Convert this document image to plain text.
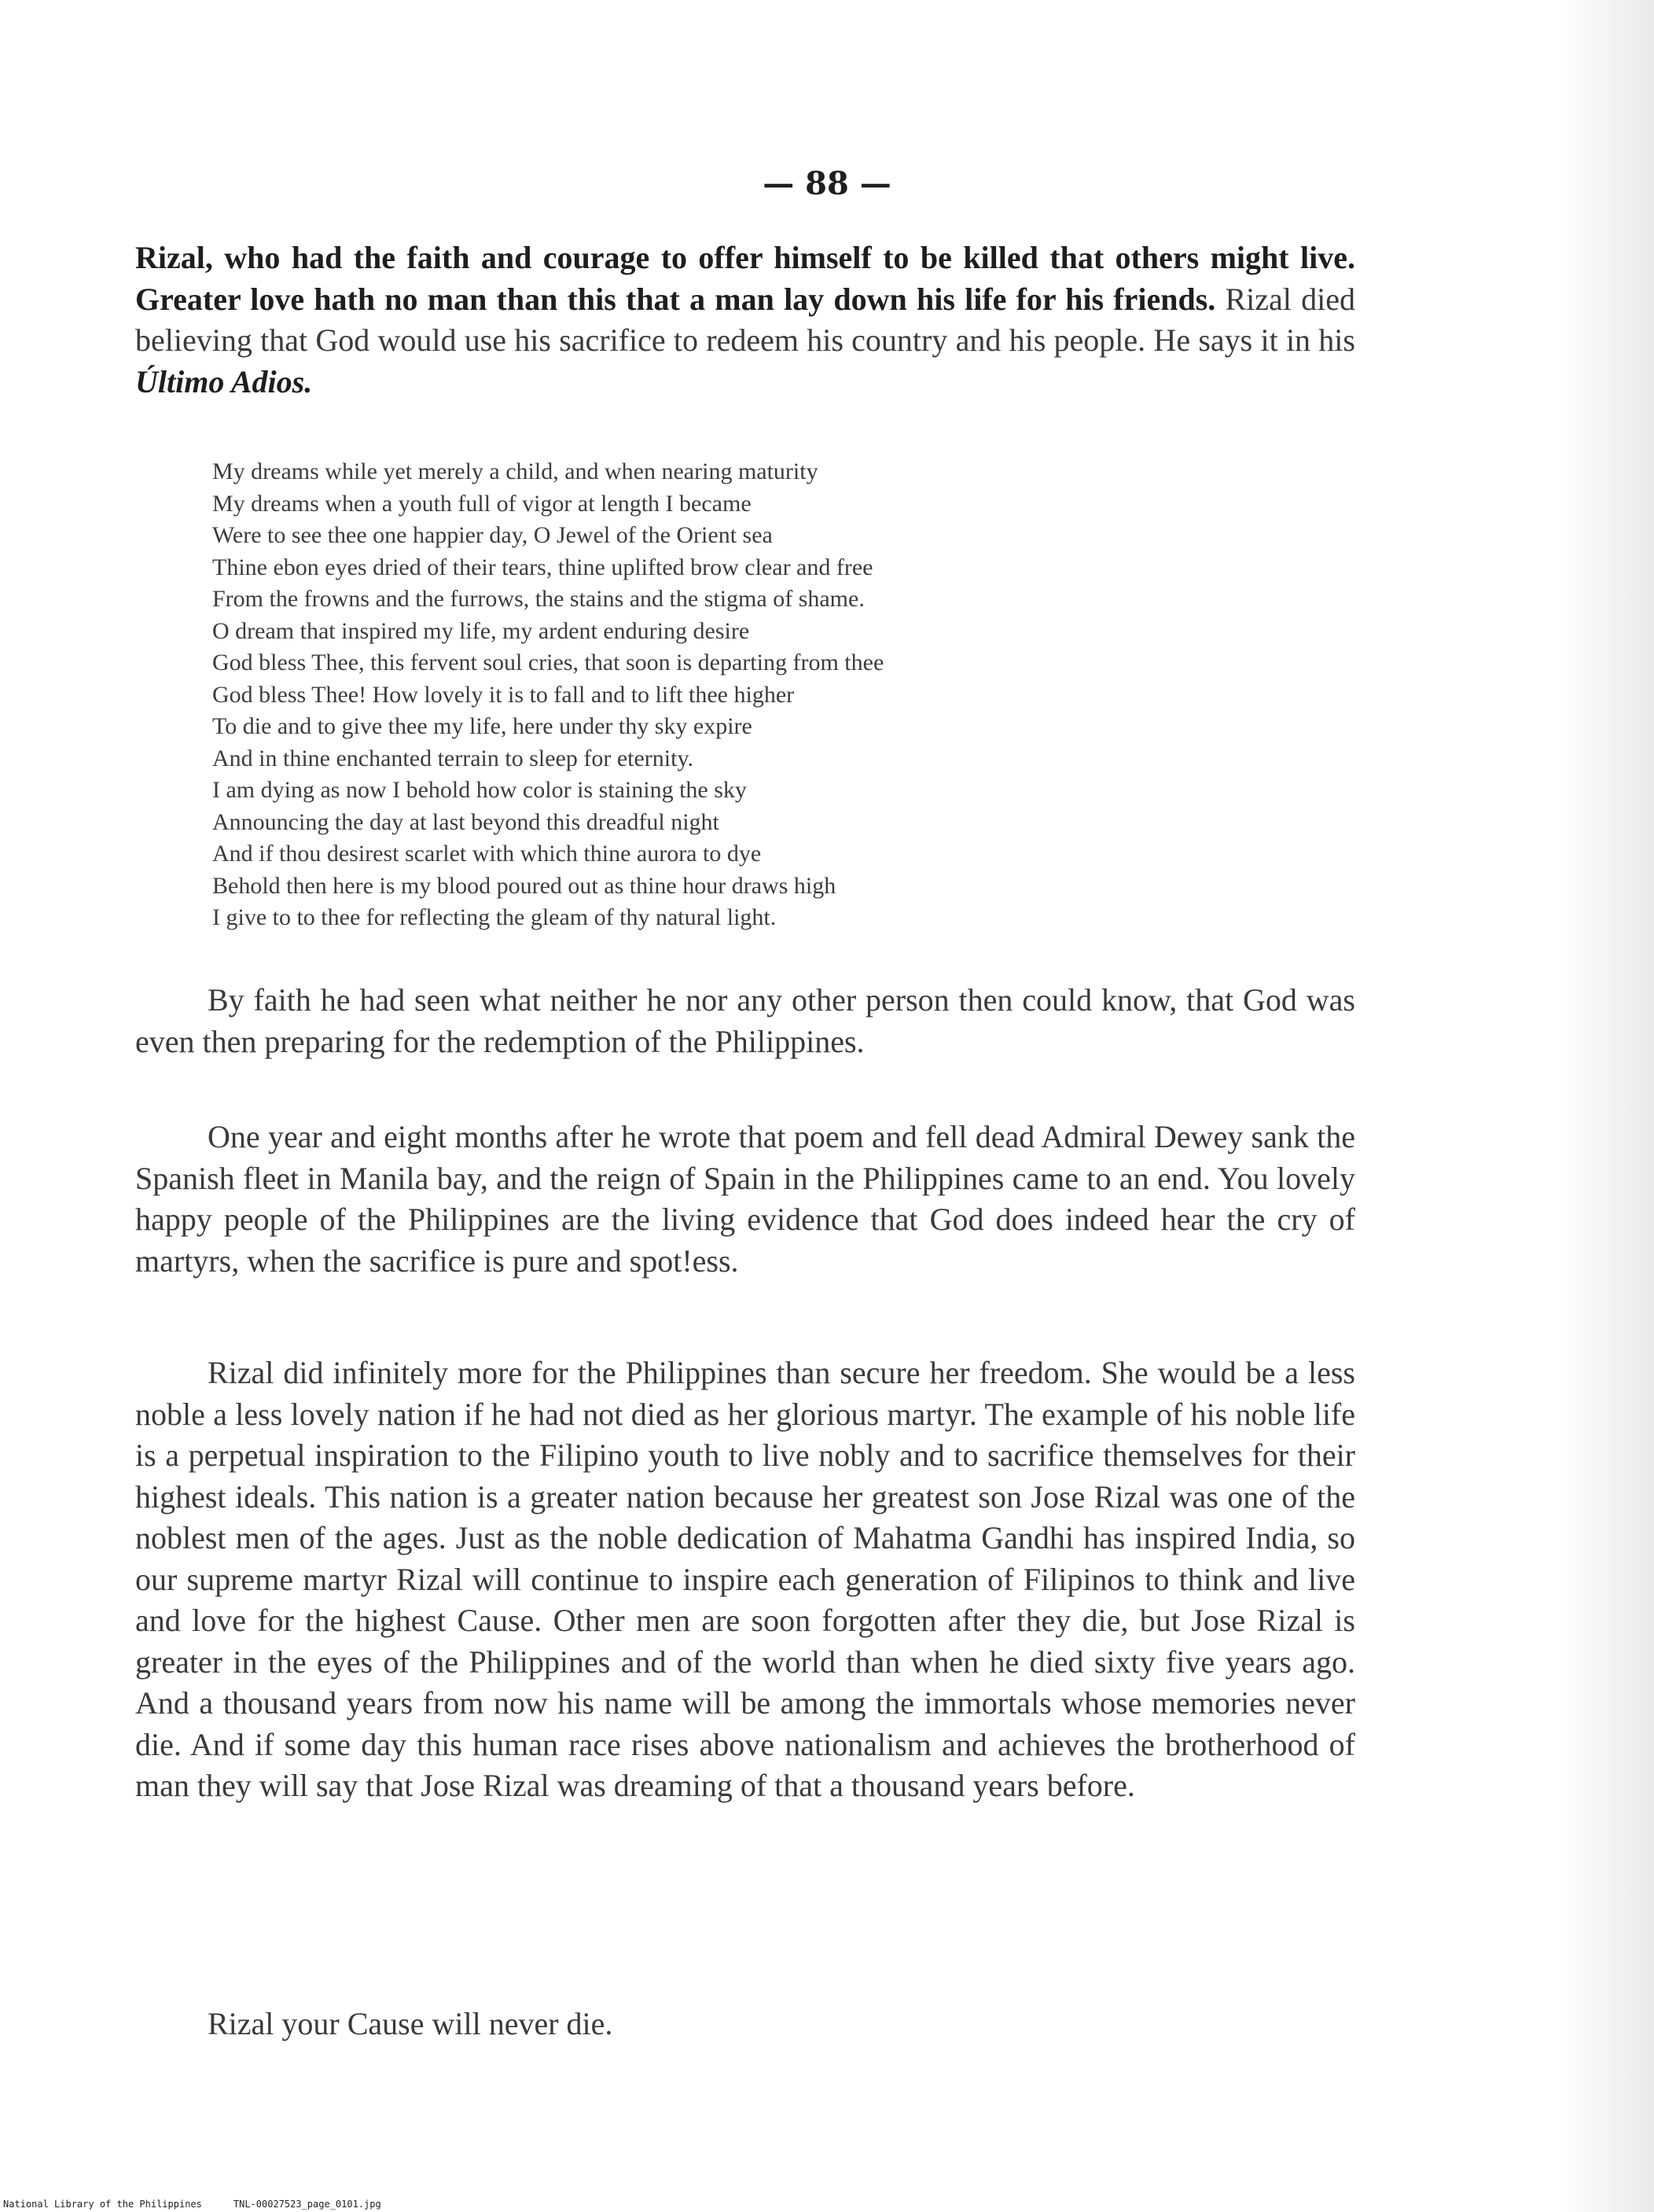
— 88 —

Rizal, who had the faith and courage to offer himself to be killed that others might live. Greater love hath no man than this that a man lay down his life for his friends. Rizal died believing that God would use his sacrifice to redeem his country and his people. He says it in his Último Adios.

My dreams while yet merely a child, and when nearing maturity
My dreams when a youth full of vigor at length I became
Were to see thee one happier day, O Jewel of the Orient sea
Thine ebon eyes dried of their tears, thine uplifted brow clear and free
From the frowns and the furrows, the stains and the stigma of shame.
O dream that inspired my life, my ardent enduring desire
God bless Thee, this fervent soul cries, that soon is departing from thee
God bless Thee! How lovely it is to fall and to lift thee higher
To die and to give thee my life, here under thy sky expire
And in thine enchanted terrain to sleep for eternity.
I am dying as now I behold how color is staining the sky
Announcing the day at last beyond this dreadful night
And if thou desirest scarlet with which thine aurora to dye
Behold then here is my blood poured out as thine hour draws high
I give to to thee for reflecting the gleam of thy natural light.

By faith he had seen what neither he nor any other person then could know, that God was even then preparing for the redemption of the Philippines.

One year and eight months after he wrote that poem and fell dead Admiral Dewey sank the Spanish fleet in Manila bay, and the reign of Spain in the Philippines came to an end. You lovely happy people of the Philippines are the living evidence that God does indeed hear the cry of martyrs, when the sacrifice is pure and spot!ess.

Rizal did infinitely more for the Philippines than secure her freedom. She would be a less noble a less lovely nation if he had not died as her glorious martyr. The example of his noble life is a perpetual inspiration to the Filipino youth to live nobly and to sacrifice themselves for their highest ideals. This nation is a greater nation because her greatest son Jose Rizal was one of the noblest men of the ages. Just as the noble dedication of Mahatma Gandhi has inspired India, so our supreme martyr Rizal will continue to inspire each generation of Filipinos to think and live and love for the highest Cause. Other men are soon forgotten after they die, but Jose Rizal is greater in the eyes of the Philippines and of the world than when he died sixty five years ago. And a thousand years from now his name will be among the immortals whose memories never die. And if some day this human race rises above nationalism and achieves the brotherhood of man they will say that Jose Rizal was dreaming of that a thousand years before.

Rizal your Cause will never die.

National Library of the Philippines	TNL-00027523_page_0101.jpg
